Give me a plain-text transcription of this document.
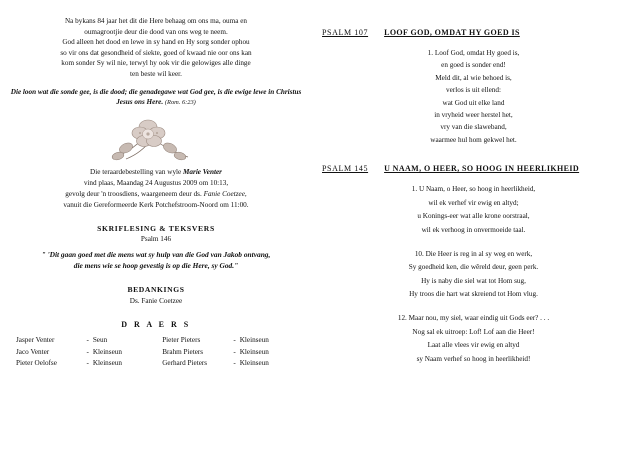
Na bykans 84 jaar het dit die Here behaag om ons ma, ouma en
oumagrootjie deur die dood van ons weg te neem.
God alleen het dood en lewe in sy hand en Hy sorg sonder ophou
so vir ons dat gesondheid of siekte, goed of kwaad nie oor ons kan
kom sonder Sy wil nie, terwyl hy ook vir die gelowiges alle dinge
ten beste wil keer.
Die loon wat die sonde gee, is die dood; die genadegawe wat God gee, is die ewige lewe in Christus Jesus ons Here. (Rom. 6:23)
Die teraardebestelling van wyle Marie Venter
vind plaas, Maandag 24 Augustus 2009 om 10:13,
gevolg deur 'n troosdiens, waargeneem deur ds. Fanie Coetzee,
vanuit die Gereformeerde Kerk Potchefstroom-Noord om 11:00.
SKRIFLESING & TEKSVERS
Psalm 146
" 'Dit gaan goed met die mens wat sy hulp van die God van Jakob ontvang,
die mens wie se hoop gevestig is op die Here, sy God."
BEDANKINGS
Ds. Fanie Coetzee
D R A E R S
Jasper Venter	-	Seun		Pieter Pieters	-	Kleinseun
Jaco Venter	-	Kleinseun		Brahm Pieters	-	Kleinseun
Pieter Oelofse	-	Kleinseun		Gerhard Pieters	-	Kleinseun
PSALM 107 LOOF GOD, OMDAT HY GOED IS
1. Loof God, omdat Hy goed is,
en goed is sonder end!
Meld dit, al wie behoed is,
verlos is uit ellend:
wat God uit elke land
in vryheid weer herstel het,
vry van die slaweband,
waarmee hul hom gekwel het.
PSALM 145 U NAAM, O HEER, SO HOOG IN HEERLIKHEID
1. U Naam, o Heer, so hoog in heerlikheid,
wil ek verhef vir ewig en altyd;
u Konings-eer wat alle krone oorstraal,
wil ek verhoog in onvermoeide taal.
10. Die Heer is reg in al sy weg en werk,
Sy goedheid ken, die wêreld deur, geen perk.
Hy is naby die siel wat tot Hom sug,
Hy troos die hart wat skreiend tot Hom vlug.
12. Maar nou, my siel, waar eindig uit Gods eer? . . .
Nog sal ek uitroep: Lof! Lof aan die Heer!
Laat alle vlees vir ewig en altyd
sy Naam verhef so hoog in heerlikheid!
